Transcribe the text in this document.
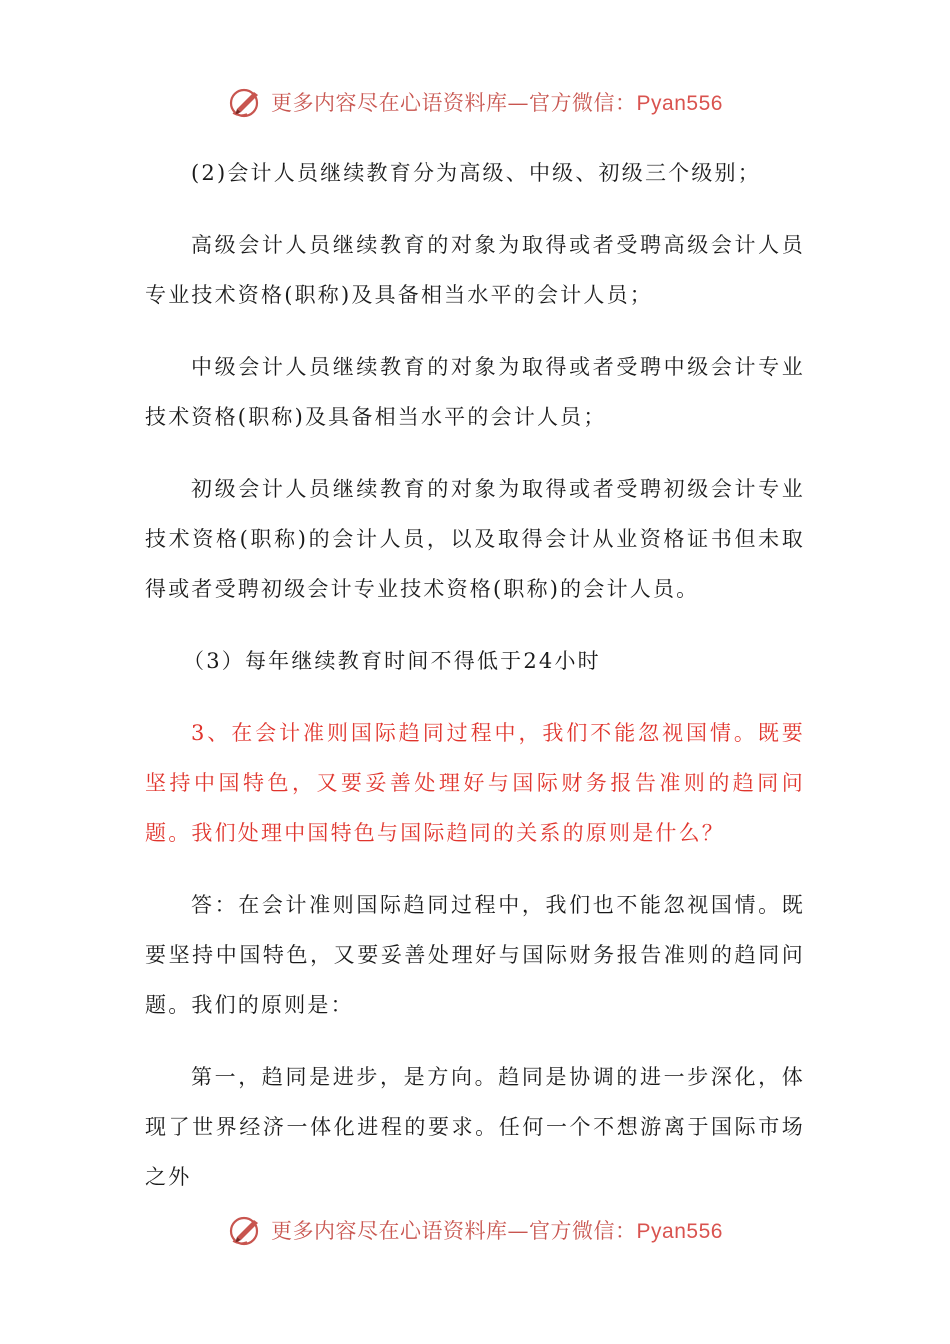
更多内容尽在心语资料库—官方微信：Pyan556

(2)会计人员继续教育分为高级、中级、初级三个级别；

高级会计人员继续教育的对象为取得或者受聘高级会计人员专业技术资格(职称)及具备相当水平的会计人员；

中级会计人员继续教育的对象为取得或者受聘中级会计专业技术资格(职称)及具备相当水平的会计人员；

初级会计人员继续教育的对象为取得或者受聘初级会计专业技术资格(职称)的会计人员，以及取得会计从业资格证书但未取得或者受聘初级会计专业技术资格(职称)的会计人员。

（3）每年继续教育时间不得低于24小时

3、在会计准则国际趋同过程中，我们不能忽视国情。既要坚持中国特色，又要妥善处理好与国际财务报告准则的趋同问题。我们处理中国特色与国际趋同的关系的原则是什么？

答：在会计准则国际趋同过程中，我们也不能忽视国情。既要坚持中国特色，又要妥善处理好与国际财务报告准则的趋同问题。我们的原则是：

第一，趋同是进步，是方向。趋同是协调的进一步深化，体现了世界经济一体化进程的要求。任何一个不想游离于国际市场之外

更多内容尽在心语资料库—官方微信：Pyan556
